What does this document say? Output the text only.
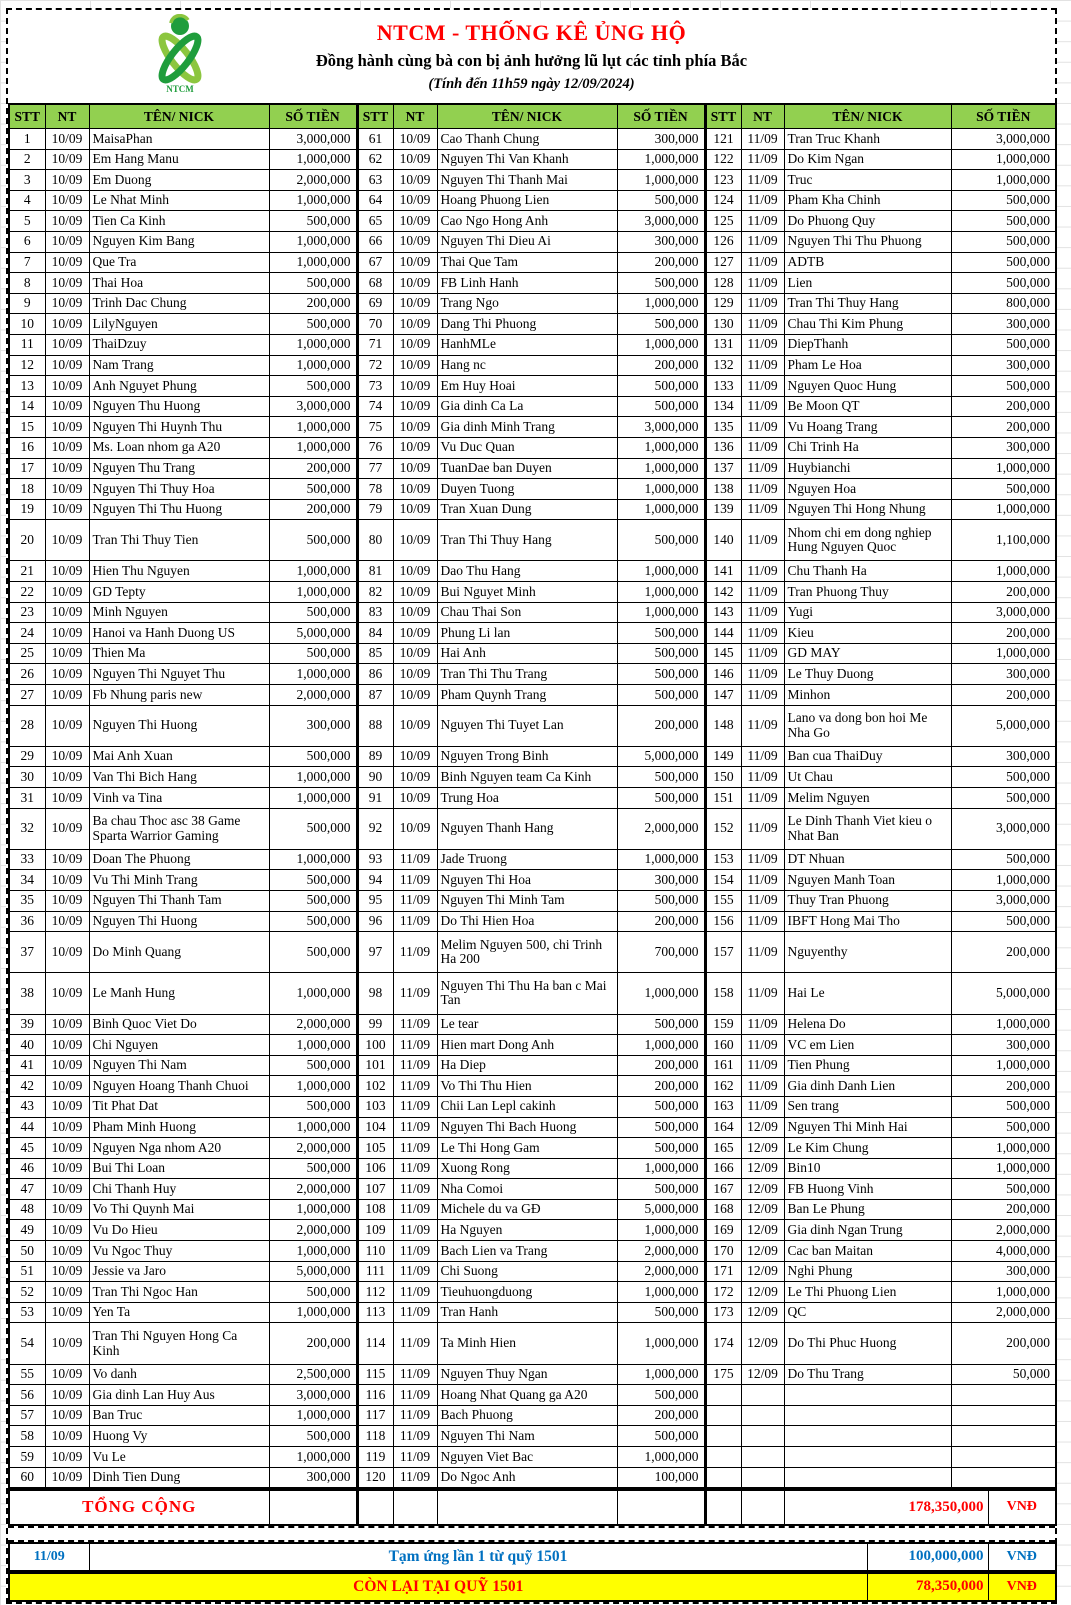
NTCM
NTCM - THỐNG KÊ ỦNG HỘ
Đồng hành cùng bà con bị ảnh hưởng lũ lụt các tỉnh phía Bắc
(Tính đến 11h59 ngày 12/09/2024)
STT	NT	TÊN/ NICK	SỐ TIỀN	STT	NT	TÊN/ NICK	SỐ TIỀN	STT	NT	TÊN/ NICK	SỐ TIỀN
1	10/09	MaisaPhan	3,000,000	61	10/09	Cao Thanh Chung	300,000	121	11/09	Tran Truc Khanh	3,000,000
2	10/09	Em Hang Manu	1,000,000	62	10/09	Nguyen Thi Van Khanh	1,000,000	122	11/09	Do Kim Ngan	1,000,000
3	10/09	Em Duong	2,000,000	63	10/09	Nguyen Thi Thanh Mai	1,000,000	123	11/09	Truc	1,000,000
4	10/09	Le Nhat Minh	1,000,000	64	10/09	Hoang Phuong Lien	500,000	124	11/09	Pham Kha Chinh	500,000
5	10/09	Tien Ca Kinh	500,000	65	10/09	Cao Ngo Hong Anh	3,000,000	125	11/09	Do Phuong Quy	500,000
6	10/09	Nguyen Kim Bang	1,000,000	66	10/09	Nguyen Thi Dieu Ai	300,000	126	11/09	Nguyen Thi Thu Phuong	500,000
7	10/09	Que Tra	1,000,000	67	10/09	Thai Que Tam	200,000	127	11/09	ADTB	500,000
8	10/09	Thai Hoa	500,000	68	10/09	FB Linh Hanh	500,000	128	11/09	Lien	500,000
9	10/09	Trinh Dac Chung	200,000	69	10/09	Trang Ngo	1,000,000	129	11/09	Tran Thi Thuy Hang	800,000
10	10/09	LilyNguyen	500,000	70	10/09	Dang Thi Phuong	500,000	130	11/09	Chau Thi Kim Phung	300,000
11	10/09	ThaiDzuy	1,000,000	71	10/09	HanhMLe	1,000,000	131	11/09	DiepThanh	500,000
12	10/09	Nam Trang	1,000,000	72	10/09	Hang nc	200,000	132	11/09	Pham Le Hoa	300,000
13	10/09	Anh Nguyet Phung	500,000	73	10/09	Em Huy Hoai	500,000	133	11/09	Nguyen Quoc Hung	500,000
14	10/09	Nguyen Thu Huong	3,000,000	74	10/09	Gia dinh Ca La	500,000	134	11/09	Be Moon QT	200,000
15	10/09	Nguyen Thi Huynh Thu	1,000,000	75	10/09	Gia dinh Minh Trang	3,000,000	135	11/09	Vu Hoang Trang	200,000
16	10/09	Ms. Loan nhom ga A20	1,000,000	76	10/09	Vu Duc Quan	1,000,000	136	11/09	Chi Trinh Ha	300,000
17	10/09	Nguyen Thu Trang	200,000	77	10/09	TuanDae ban Duyen	1,000,000	137	11/09	Huybianchi	1,000,000
18	10/09	Nguyen Thi Thuy Hoa	500,000	78	10/09	Duyen Tuong	1,000,000	138	11/09	Nguyen Hoa	500,000
19	10/09	Nguyen Thi Thu Huong	200,000	79	10/09	Tran Xuan Dung	1,000,000	139	11/09	Nguyen Thi Hong Nhung	1,000,000
20	10/09	Tran Thi Thuy Tien	500,000	80	10/09	Tran Thi Thuy Hang	500,000	140	11/09	Nhom chi em dong nghiep Hung Nguyen Quoc	1,100,000
21	10/09	Hien Thu Nguyen	1,000,000	81	10/09	Dao Thu Hang	1,000,000	141	11/09	Chu Thanh Ha	1,000,000
22	10/09	GD Tepty	1,000,000	82	10/09	Bui Nguyet Minh	1,000,000	142	11/09	Tran Phuong Thuy	200,000
23	10/09	Minh Nguyen	500,000	83	10/09	Chau Thai Son	1,000,000	143	11/09	Yugi	3,000,000
24	10/09	Hanoi va Hanh Duong US	5,000,000	84	10/09	Phung Li lan	500,000	144	11/09	Kieu	200,000
25	10/09	Thien Ma	500,000	85	10/09	Hai Anh	500,000	145	11/09	GD MAY	1,000,000
26	10/09	Nguyen Thi Nguyet Thu	1,000,000	86	10/09	Tran Thi Thu Trang	500,000	146	11/09	Le Thuy Duong	300,000
27	10/09	Fb Nhung paris new	2,000,000	87	10/09	Pham Quynh Trang	500,000	147	11/09	Minhon	200,000
28	10/09	Nguyen Thi Huong	300,000	88	10/09	Nguyen Thi Tuyet Lan	200,000	148	11/09	Lano va dong bon hoi Me Nha Go	5,000,000
29	10/09	Mai Anh Xuan	500,000	89	10/09	Nguyen Trong Binh	5,000,000	149	11/09	Ban cua ThaiDuy	300,000
30	10/09	Van Thi Bich Hang	1,000,000	90	10/09	Binh Nguyen team Ca Kinh	500,000	150	11/09	Ut Chau	500,000
31	10/09	Vinh va Tina	1,000,000	91	10/09	Trung Hoa	500,000	151	11/09	Melim Nguyen	500,000
32	10/09	Ba chau Thoc asc 38 Game Sparta Warrior Gaming	500,000	92	10/09	Nguyen Thanh Hang	2,000,000	152	11/09	Le Dinh Thanh Viet kieu o Nhat Ban	3,000,000
33	10/09	Doan The Phuong	1,000,000	93	11/09	Jade Truong	1,000,000	153	11/09	DT Nhuan	500,000
34	10/09	Vu Thi Minh Trang	500,000	94	11/09	Nguyen Thi Hoa	300,000	154	11/09	Nguyen Manh Toan	1,000,000
35	10/09	Nguyen Thi Thanh Tam	500,000	95	11/09	Nguyen Thi Minh Tam	500,000	155	11/09	Thuy Tran Phuong	3,000,000
36	10/09	Nguyen Thi Huong	500,000	96	11/09	Do Thi Hien Hoa	200,000	156	11/09	IBFT Hong Mai Tho	500,000
37	10/09	Do Minh Quang	500,000	97	11/09	Melim Nguyen 500, chi Trinh Ha 200	700,000	157	11/09	Nguyenthy	200,000
38	10/09	Le Manh Hung	1,000,000	98	11/09	Nguyen Thi Thu Ha ban c Mai Tan	1,000,000	158	11/09	Hai Le	5,000,000
39	10/09	Binh Quoc Viet Do	2,000,000	99	11/09	Le tear	500,000	159	11/09	Helena Do	1,000,000
40	10/09	Chi Nguyen	1,000,000	100	11/09	Hien mart Dong Anh	1,000,000	160	11/09	VC em Lien	300,000
41	10/09	Nguyen Thi Nam	500,000	101	11/09	Ha Diep	200,000	161	11/09	Tien Phung	1,000,000
42	10/09	Nguyen Hoang Thanh Chuoi	1,000,000	102	11/09	Vo Thi Thu Hien	200,000	162	11/09	Gia dinh Danh Lien	200,000
43	10/09	Tit Phat Dat	500,000	103	11/09	Chii Lan Lepl cakinh	500,000	163	11/09	Sen trang	500,000
44	10/09	Pham Minh Huong	1,000,000	104	11/09	Nguyen Thi Bach Huong	500,000	164	12/09	Nguyen Thi Minh Hai	500,000
45	10/09	Nguyen Nga nhom A20	2,000,000	105	11/09	Le Thi Hong Gam	500,000	165	12/09	Le Kim Chung	1,000,000
46	10/09	Bui Thi Loan	500,000	106	11/09	Xuong Rong	1,000,000	166	12/09	Bin10	1,000,000
47	10/09	Chi Thanh Huy	2,000,000	107	11/09	Nha Comoi	500,000	167	12/09	FB Huong Vinh	500,000
48	10/09	Vo Thi Quynh Mai	1,000,000	108	11/09	Michele du va GĐ	5,000,000	168	12/09	Ban Le Phung	200,000
49	10/09	Vu Do Hieu	2,000,000	109	11/09	Ha Nguyen	1,000,000	169	12/09	Gia dinh Ngan Trung	2,000,000
50	10/09	Vu Ngoc Thuy	1,000,000	110	11/09	Bach Lien va Trang	2,000,000	170	12/09	Cac ban Maitan	4,000,000
51	10/09	Jessie va Jaro	5,000,000	111	11/09	Chi Suong	2,000,000	171	12/09	Nghi Phung	300,000
52	10/09	Tran Thi Ngoc Han	500,000	112	11/09	Tieuhuongduong	1,000,000	172	12/09	Le Thi Phuong Lien	1,000,000
53	10/09	Yen Ta	1,000,000	113	11/09	Tran Hanh	500,000	173	12/09	QC	2,000,000
54	10/09	Tran Thi Nguyen Hong Ca Kinh	200,000	114	11/09	Ta Minh Hien	1,000,000	174	12/09	Do Thi Phuc Huong	200,000
55	10/09	Vo danh	2,500,000	115	11/09	Nguyen Thuy Ngan	1,000,000	175	12/09	Do Thu Trang	50,000
56	10/09	Gia dinh Lan Huy Aus	3,000,000	116	11/09	Hoang Nhat Quang ga A20	500,000				
57	10/09	Ban Truc	1,000,000	117	11/09	Bach Phuong	200,000				
58	10/09	Huong Vy	500,000	118	11/09	Nguyen Thi Nam	500,000				
59	10/09	Vu Le	1,000,000	119	11/09	Nguyen Viet Bac	1,000,000				
60	10/09	Dinh Tien Dung	300,000	120	11/09	Do Ngoc Anh	100,000				
TỔNG CỘNG								178,350,000	VNĐ
11/09	Tạm ứng lần 1 từ quỹ 1501	100,000,000	VNĐ
CÒN LẠI TẠI QUỸ 1501	78,350,000	VNĐ
